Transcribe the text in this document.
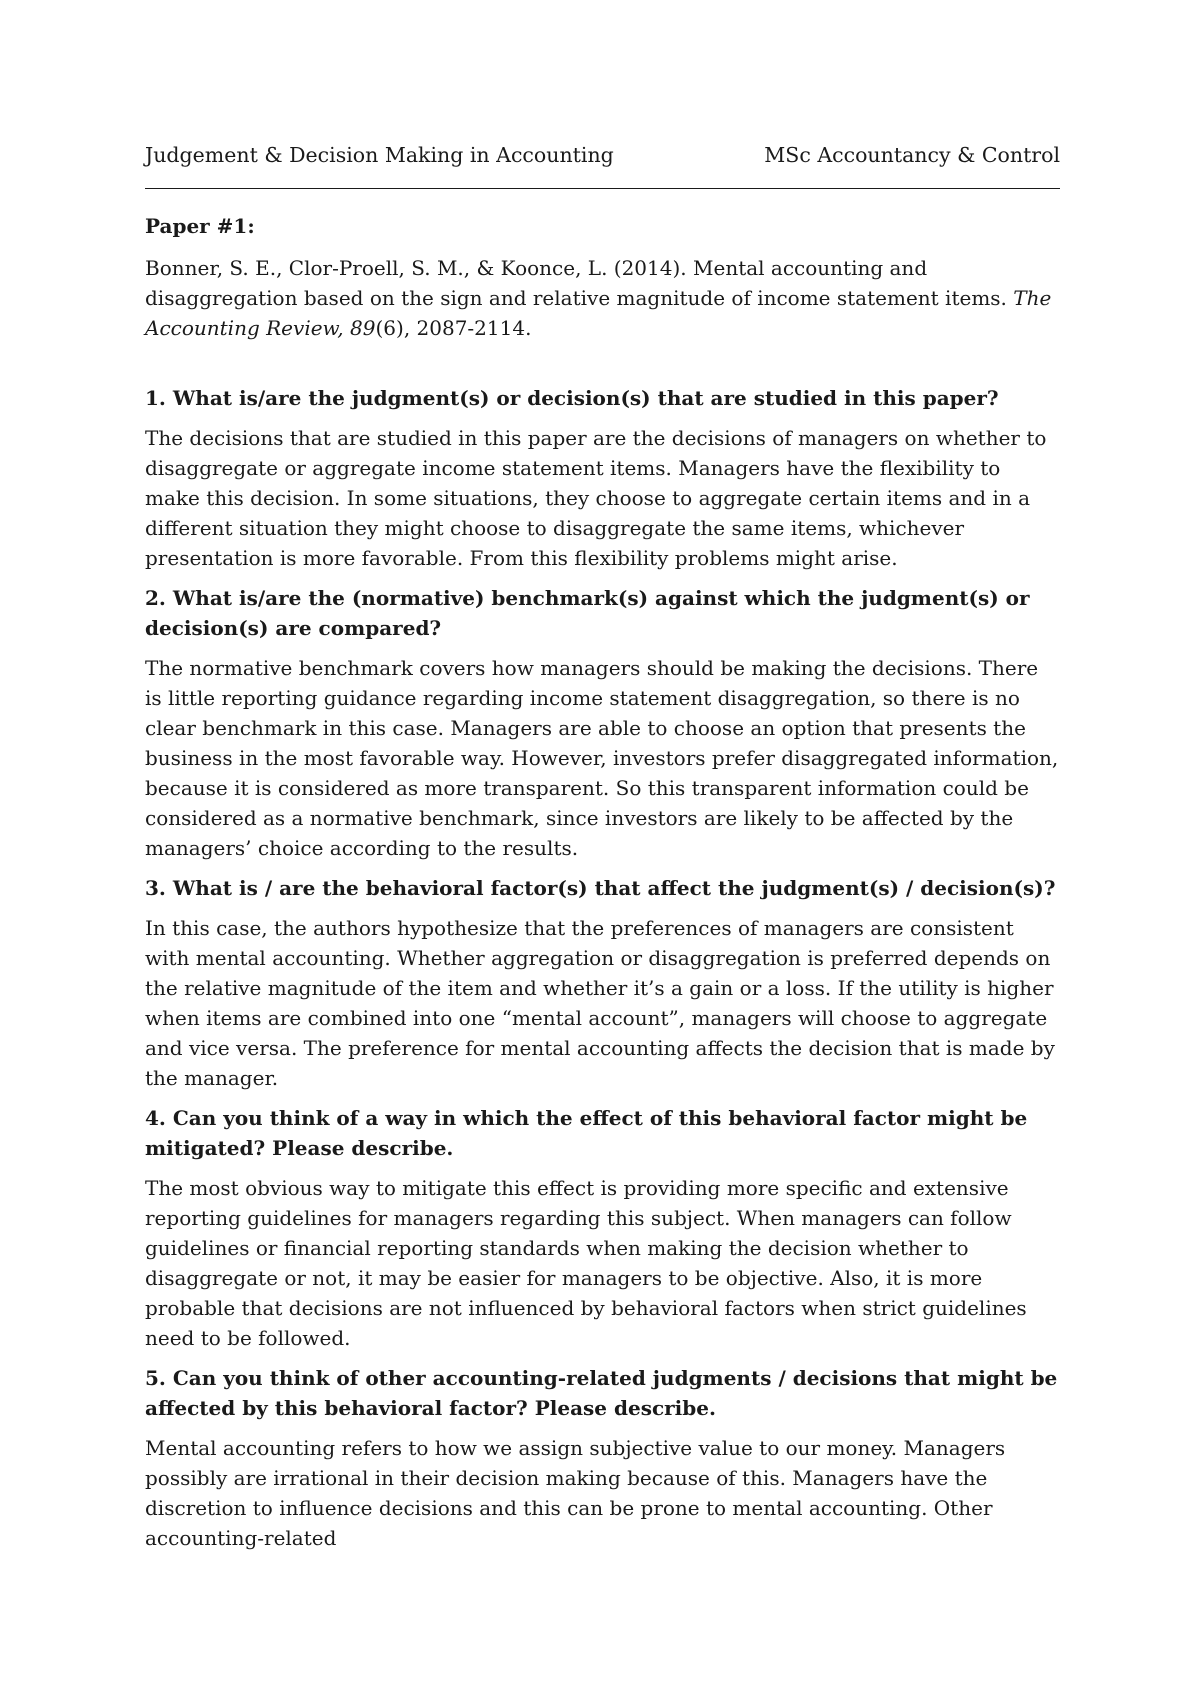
Judgement & Decision Making in Accounting	MSc Accountancy & Control
Paper #1:
Bonner, S. E., Clor-Proell, S. M., & Koonce, L. (2014). Mental accounting and disaggregation based on the sign and relative magnitude of income statement items. The Accounting Review, 89(6), 2087-2114.

1. What is/are the judgment(s) or decision(s) that are studied in this paper?

The decisions that are studied in this paper are the decisions of managers on whether to disaggregate or aggregate income statement items. Managers have the flexibility to make this decision. In some situations, they choose to aggregate certain items and in a different situation they might choose to disaggregate the same items, whichever presentation is more favorable. From this flexibility problems might arise.

2. What is/are the (normative) benchmark(s) against which the judgment(s) or decision(s) are compared?

The normative benchmark covers how managers should be making the decisions. There is little reporting guidance regarding income statement disaggregation, so there is no clear benchmark in this case. Managers are able to choose an option that presents the business in the most favorable way. However, investors prefer disaggregated information, because it is considered as more transparent. So this transparent information could be considered as a normative benchmark, since investors are likely to be affected by the managers’ choice according to the results.

3. What is / are the behavioral factor(s) that affect the judgment(s) / decision(s)?

In this case, the authors hypothesize that the preferences of managers are consistent with mental accounting. Whether aggregation or disaggregation is preferred depends on the relative magnitude of the item and whether it’s a gain or a loss. If the utility is higher when items are combined into one “mental account”, managers will choose to aggregate and vice versa. The preference for mental accounting affects the decision that is made by the manager.

4. Can you think of a way in which the effect of this behavioral factor might be mitigated? Please describe.

The most obvious way to mitigate this effect is providing more specific and extensive reporting guidelines for managers regarding this subject. When managers can follow guidelines or financial reporting standards when making the decision whether to disaggregate or not, it may be easier for managers to be objective. Also, it is more probable that decisions are not influenced by behavioral factors when strict guidelines need to be followed.

5. Can you think of other accounting-related judgments / decisions that might be affected by this behavioral factor? Please describe.

Mental accounting refers to how we assign subjective value to our money. Managers possibly are irrational in their decision making because of this. Managers have the discretion to influence decisions and this can be prone to mental accounting. Other accounting-related
